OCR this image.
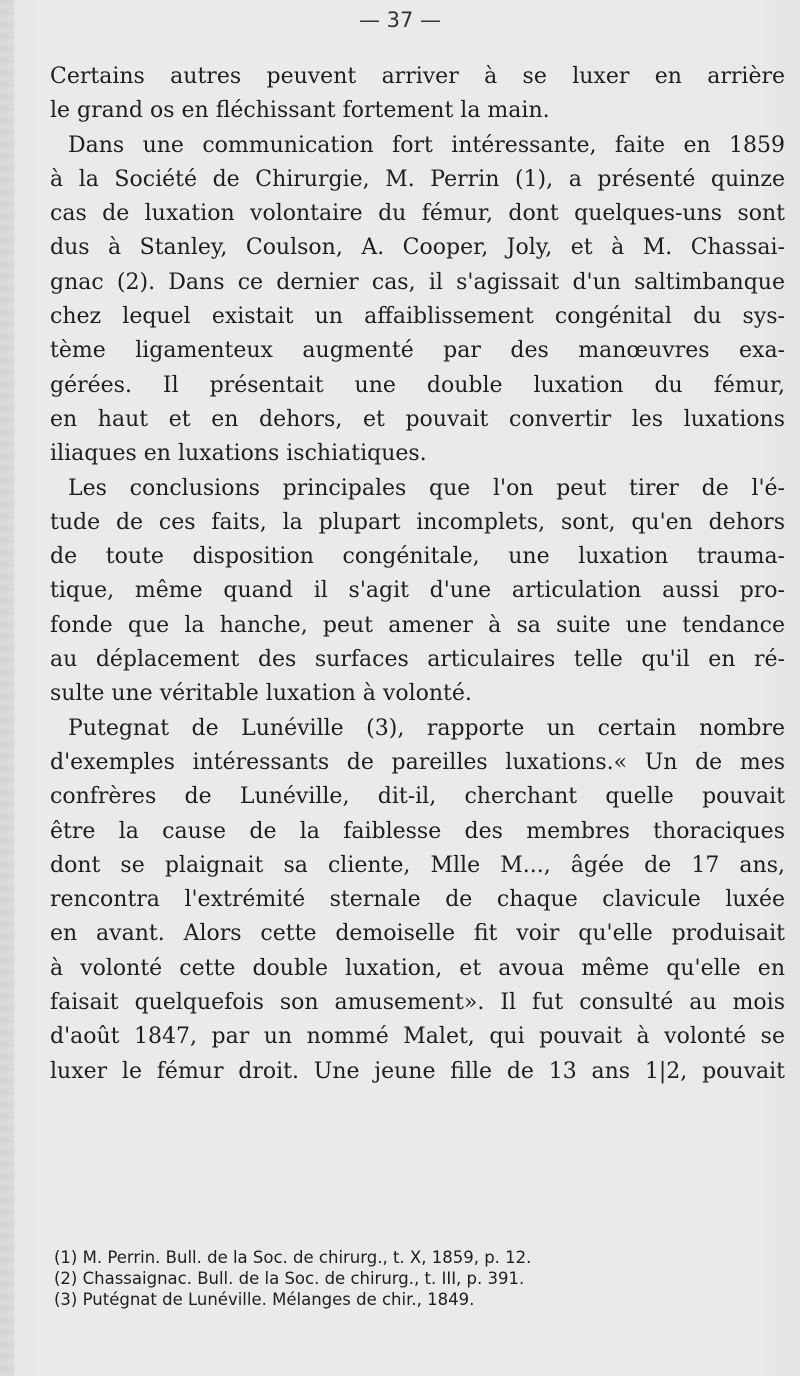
— 37 —
Certains autres peuvent arriver à se luxer en arrière
le grand os en fléchissant fortement la main.
Dans une communication fort intéressante, faite en 1859
à la Société de Chirurgie, M. Perrin (1), a présenté quinze
cas de luxation volontaire du fémur, dont quelques-uns sont
dus à Stanley, Coulson, A. Cooper, Joly, et à M. Chassai-
gnac (2). Dans ce dernier cas, il s'agissait d'un saltimbanque
chez lequel existait un affaiblissement congénital du sys-
tème ligamenteux augmenté par des manœuvres exa-
gérées. Il présentait une double luxation du fémur,
en haut et en dehors, et pouvait convertir les luxations
iliaques en luxations ischiatiques.
Les conclusions principales que l'on peut tirer de l'é-
tude de ces faits, la plupart incomplets, sont, qu'en dehors
de toute disposition congénitale, une luxation trauma-
tique, même quand il s'agit d'une articulation aussi pro-
fonde que la hanche, peut amener à sa suite une tendance
au déplacement des surfaces articulaires telle qu'il en ré-
sulte une véritable luxation à volonté.
Putegnat de Lunéville (3), rapporte un certain nombre
d'exemples intéressants de pareilles luxations.« Un de mes
confrères de Lunéville, dit-il, cherchant quelle pouvait
être la cause de la faiblesse des membres thoraciques
dont se plaignait sa cliente, Mlle M..., âgée de 17 ans,
rencontra l'extrémité sternale de chaque clavicule luxée
en avant. Alors cette demoiselle fit voir qu'elle produisait
à volonté cette double luxation, et avoua même qu'elle en
faisait quelquefois son amusement». Il fut consulté au mois
d'août 1847, par un nommé Malet, qui pouvait à volonté se
luxer le fémur droit. Une jeune fille de 13 ans 1|2, pouvait
(1) M. Perrin. Bull. de la Soc. de chirurg., t. X, 1859, p. 12.
(2) Chassaignac. Bull. de la Soc. de chirurg., t. III, p. 391.
(3) Putégnat de Lunéville. Mélanges de chir., 1849.
